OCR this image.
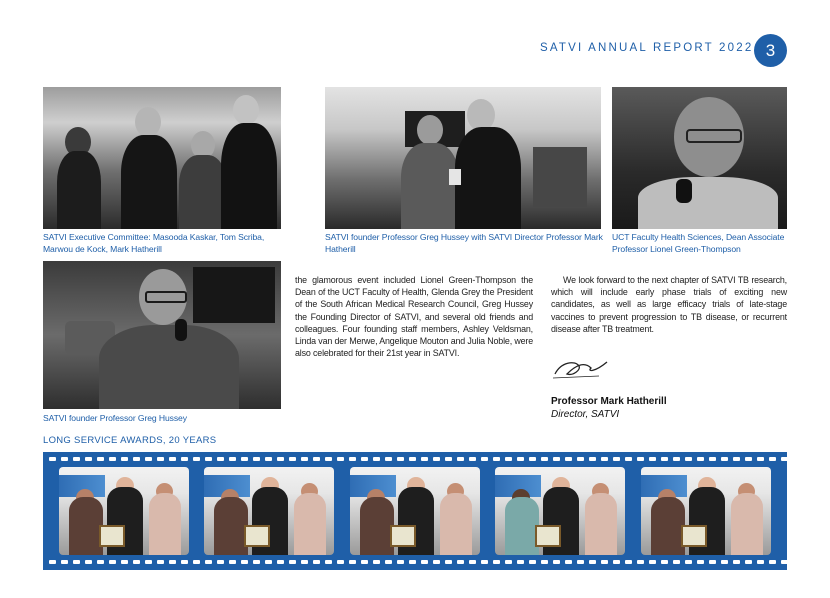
SATVI ANNUAL REPORT 2022 3
SATVI Executive Committee: Masooda Kaskar, Tom Scriba, Marwou de Kock, Mark Hatherill
SATVI founder Professor Greg Hussey with SATVI Director Professor Mark Hatherill
UCT Faculty Health Sciences, Dean Associate Professor Lionel Green-Thompson
SATVI founder Professor Greg Hussey
the glamorous event included Lionel Green-Thompson the Dean of the UCT Faculty of Health, Glenda Grey the President of the South African Medical Research Council, Greg Hussey the Founding Director of SATVI, and several old friends and colleagues. Four founding staff members, Ashley Veldsman, Linda van der Merwe, Angelique Mouton and Julia Noble, were also celebrated for their 21st year in SATVI.
We look forward to the next chapter of SATVI TB research, which will include early phase trials of exciting new candidates, as well as large efficacy trials of late-stage vaccines to prevent progression to TB disease, or recurrent disease after TB treatment.
Professor Mark Hatherill
Director, SATVI
LONG SERVICE AWARDS, 20 YEARS
